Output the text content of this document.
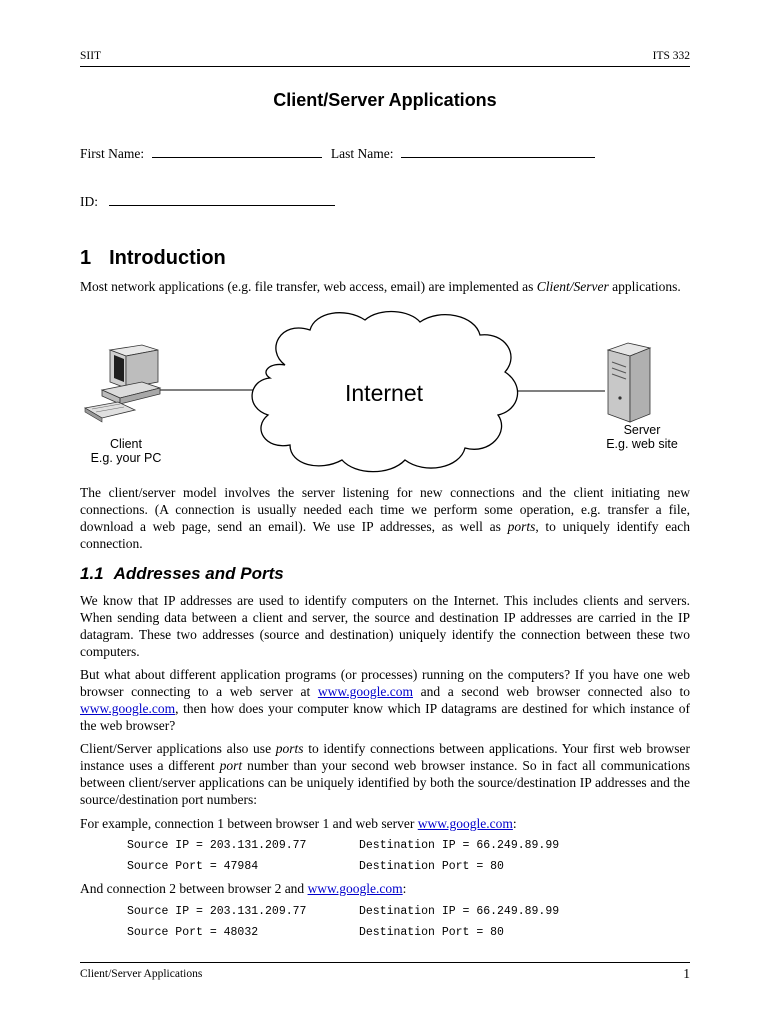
SIIT	ITS 332
Client/Server Applications
First Name:	Last Name:
ID:
1 Introduction

Most network applications (e.g. file transfer, web access, email) are implemented as Client/Server applications.

Internet
Client
E.g. your PC
Server
E.g. web site

The client/server model involves the server listening for new connections and the client initiating new connections. (A connection is usually needed each time we perform some operation, e.g. transfer a file, download a web page, send an email). We use IP addresses, as well as ports, to uniquely identify each connection.

1.1 Addresses and Ports

We know that IP addresses are used to identify computers on the Internet. This includes clients and servers. When sending data between a client and server, the source and destination IP addresses are carried in the IP datagram. These two addresses (source and destination) uniquely identify the connection between these two computers.

But what about different application programs (or processes) running on the computers? If you have one web browser connecting to a web server at www.google.com and a second web browser connected also to www.google.com, then how does your computer know which IP datagrams are destined for which instance of the web browser?

Client/Server applications also use ports to identify connections between applications. Your first web browser instance uses a different port number than your second web browser instance. So in fact all communications between client/server applications can be uniquely identified by both the source/destination IP addresses and the source/destination port numbers:

For example, connection 1 between browser 1 and web server www.google.com:

Source IP = 203.131.209.77	Destination IP = 66.249.89.99
Source Port = 47984	Destination Port = 80

And connection 2 between browser 2 and www.google.com:

Source IP = 203.131.209.77	Destination IP = 66.249.89.99
Source Port = 48032	Destination Port = 80
Client/Server Applications	1
